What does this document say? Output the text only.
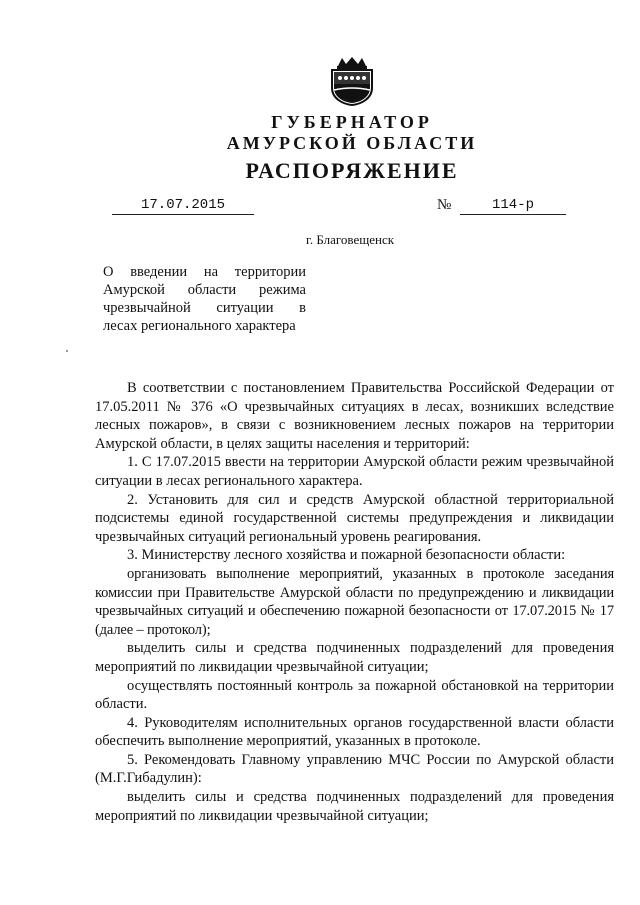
ГУБЕРНАТОР
АМУРСКОЙ ОБЛАСТИ
РАСПОРЯЖЕНИЕ
17.07.2015	№	114-р
г. Благовещенск
О введении на территории
Амурской области режима
чрезвычайной ситуации в
лесах регионального характера

В соответствии с постановлением Правительства Российской Федерации от 17.05.2011 № 376 «О чрезвычайных ситуациях в лесах, возникших вследствие лесных пожаров», в связи с возникновением лесных пожаров на территории Амурской области, в целях защиты населения и территорий:

1. С 17.07.2015 ввести на территории Амурской области режим чрезвычайной ситуации в лесах регионального характера.

2. Установить для сил и средств Амурской областной территориальной подсистемы единой государственной системы предупреждения и ликвидации чрезвычайных ситуаций региональный уровень реагирования.

3. Министерству лесного хозяйства и пожарной безопасности области:

организовать выполнение мероприятий, указанных в протоколе заседания комиссии при Правительстве Амурской области по предупреждению и ликвидации чрезвычайных ситуаций и обеспечению пожарной безопасности от 17.07.2015 № 17 (далее – протокол);

выделить силы и средства подчиненных подразделений для проведения мероприятий по ликвидации чрезвычайной ситуации;

осуществлять постоянный контроль за пожарной обстановкой на территории области.

4. Руководителям исполнительных органов государственной власти области обеспечить выполнение мероприятий, указанных в протоколе.

5. Рекомендовать Главному управлению МЧС России по Амурской области (М.Г.Гибадулин):

выделить силы и средства подчиненных подразделений для проведения мероприятий по ликвидации чрезвычайной ситуации;
